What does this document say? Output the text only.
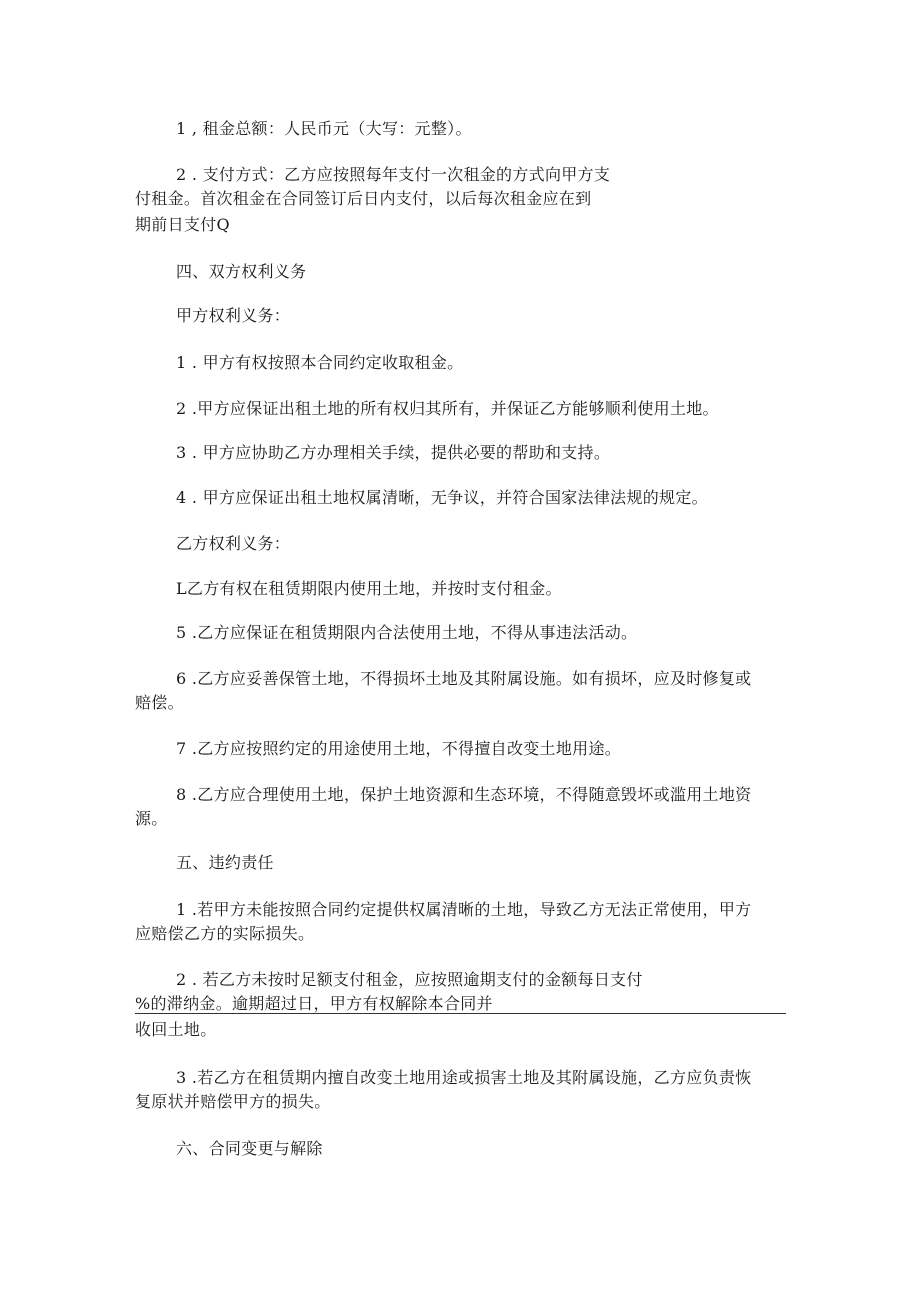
1 , 租金总额：人民币元（大写：元整）。
2 . 支付方式：乙方应按照每年支付一次租金的方式向甲方支
付租金。首次租金在合同签订后日内支付，以后每次租金应在到
期前日支付Q
四、双方权利义务
甲方权利义务：
1 . 甲方有权按照本合同约定收取租金。
2 .甲方应保证出租土地的所有权归其所有，并保证乙方能够顺利使用土地。
3 . 甲方应协助乙方办理相关手续，提供必要的帮助和支持。
4 . 甲方应保证出租土地权属清晰，无争议，并符合国家法律法规的规定。
乙方权利义务：
L乙方有权在租赁期限内使用土地，并按时支付租金。
5 .乙方应保证在租赁期限内合法使用土地，不得从事违法活动。
6 .乙方应妥善保管土地，不得损坏土地及其附属设施。如有损坏，应及时修复或
赔偿。
7 .乙方应按照约定的用途使用土地，不得擅自改变土地用途。
8 .乙方应合理使用土地，保护土地资源和生态环境，不得随意毁坏或滥用土地资
源。
五、违约责任
1 .若甲方未能按照合同约定提供权属清晰的土地，导致乙方无法正常使用，甲方
应赔偿乙方的实际损失。
2 . 若乙方未按时足额支付租金，应按照逾期支付的金额每日支付
%的滞纳金。逾期超过日，甲方有权解除本合同并
收回土地。
3 .若乙方在租赁期内擅自改变土地用途或损害土地及其附属设施，乙方应负责恢
复原状并赔偿甲方的损失。
六、合同变更与解除
